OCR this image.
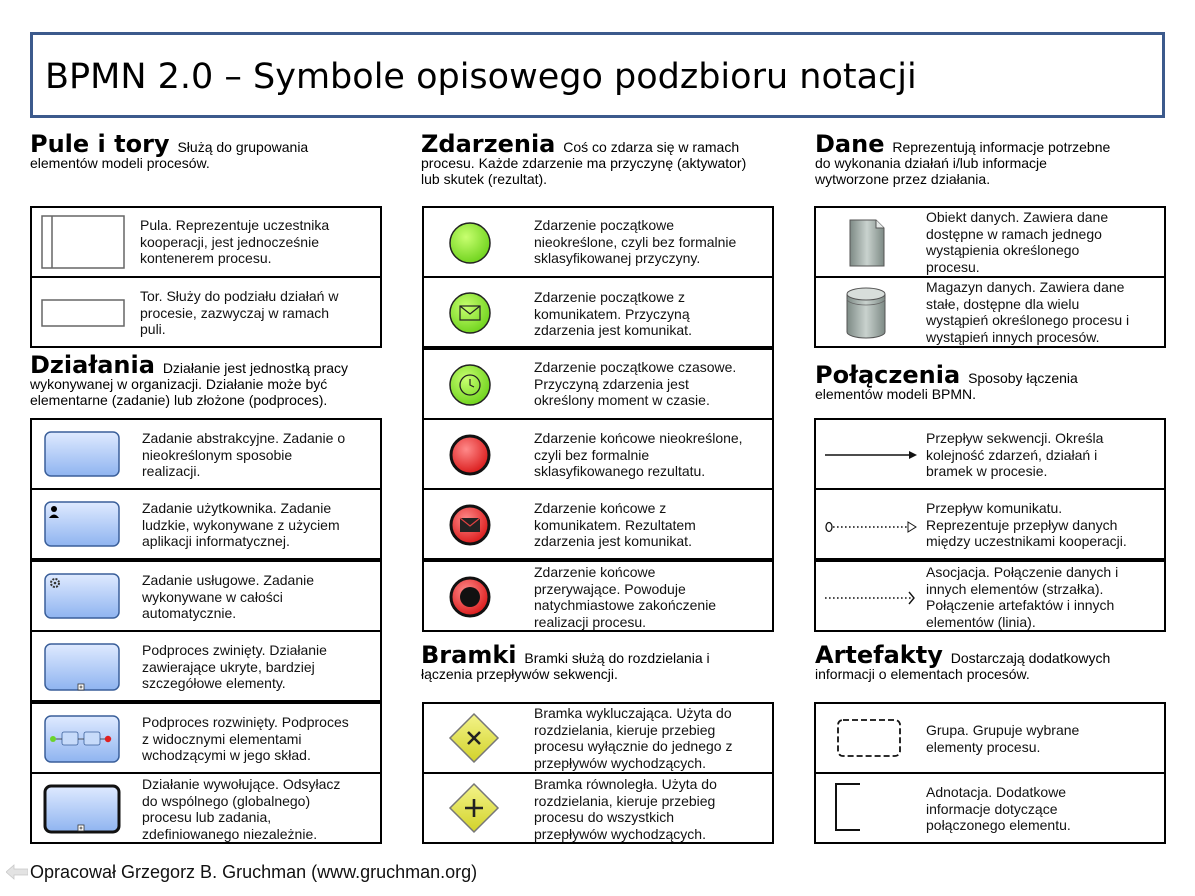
BPMN 2.0 – Symbole opisowego podzbioru notacji
Pule i tory Służą do grupowania
elementów modeli procesów.
Pula. Reprezentuje uczestnika
kooperacji, jest jednocześnie
kontenerem procesu.
Tor. Służy do podziału działań w
procesie, zazwyczaj w ramach
puli.
Działania Działanie jest jednostką pracy
wykonywanej w organizacji. Działanie może być
elementarne (zadanie) lub złożone (podproces).
Zadanie abstrakcyjne. Zadanie o
nieokreślonym sposobie
realizacji.
Zadanie użytkownika. Zadanie
ludzkie, wykonywane z użyciem
aplikacji informatycznej.
Zadanie usługowe. Zadanie
wykonywane w całości
automatycznie.
Podproces zwinięty. Działanie
zawierające ukryte, bardziej
szczegółowe elementy.
Podproces rozwinięty. Podproces
z widocznymi elementami
wchodzącymi w jego skład.
Działanie wywołujące. Odsyłacz
do wspólnego (globalnego)
procesu lub zadania,
zdefiniowanego niezależnie.
Zdarzenia Coś co zdarza się w ramach
procesu. Każde zdarzenie ma przyczynę (aktywator)
lub skutek (rezultat).
Zdarzenie początkowe
nieokreślone, czyli bez formalnie
sklasyfikowanej przyczyny.
Zdarzenie początkowe z
komunikatem. Przyczyną
zdarzenia jest komunikat.
Zdarzenie początkowe czasowe.
Przyczyną zdarzenia jest
określony moment w czasie.
Zdarzenie końcowe nieokreślone,
czyli bez formalnie
sklasyfikowanego rezultatu.
Zdarzenie końcowe z
komunikatem. Rezultatem
zdarzenia jest komunikat.
Zdarzenie końcowe
przerywające. Powoduje
natychmiastowe zakończenie
realizacji procesu.
Bramki Bramki służą do rozdzielania i
łączenia przepływów sekwencji.
Bramka wykluczająca. Użyta do
rozdzielania, kieruje przebieg
procesu wyłącznie do jednego z
przepływów wychodzących.
Bramka równoległa. Użyta do
rozdzielania, kieruje przebieg
procesu do wszystkich
przepływów wychodzących.
Dane Reprezentują informacje potrzebne
do wykonania działań i/lub informacje
wytworzone przez działania.
Obiekt danych. Zawiera dane
dostępne w ramach jednego
wystąpienia określonego
procesu.
Magazyn danych. Zawiera dane
stałe, dostępne dla wielu
wystąpień określonego procesu i
wystąpień innych procesów.
Połączenia Sposoby łączenia
elementów modeli BPMN.
Przepływ sekwencji. Określa
kolejność zdarzeń, działań i
bramek w procesie.
Przepływ komunikatu.
Reprezentuje przepływ danych
między uczestnikami kooperacji.
Asocjacja. Połączenie danych i
innych elementów (strzałka).
Połączenie artefaktów i innych
elementów (linia).
Artefakty Dostarczają dodatkowych
informacji o elementach procesów.
Grupa. Grupuje wybrane
elementy procesu.
Adnotacja. Dodatkowe
informacje dotyczące
połączonego elementu.
Opracował Grzegorz B. Gruchman (www.gruchman.org)
